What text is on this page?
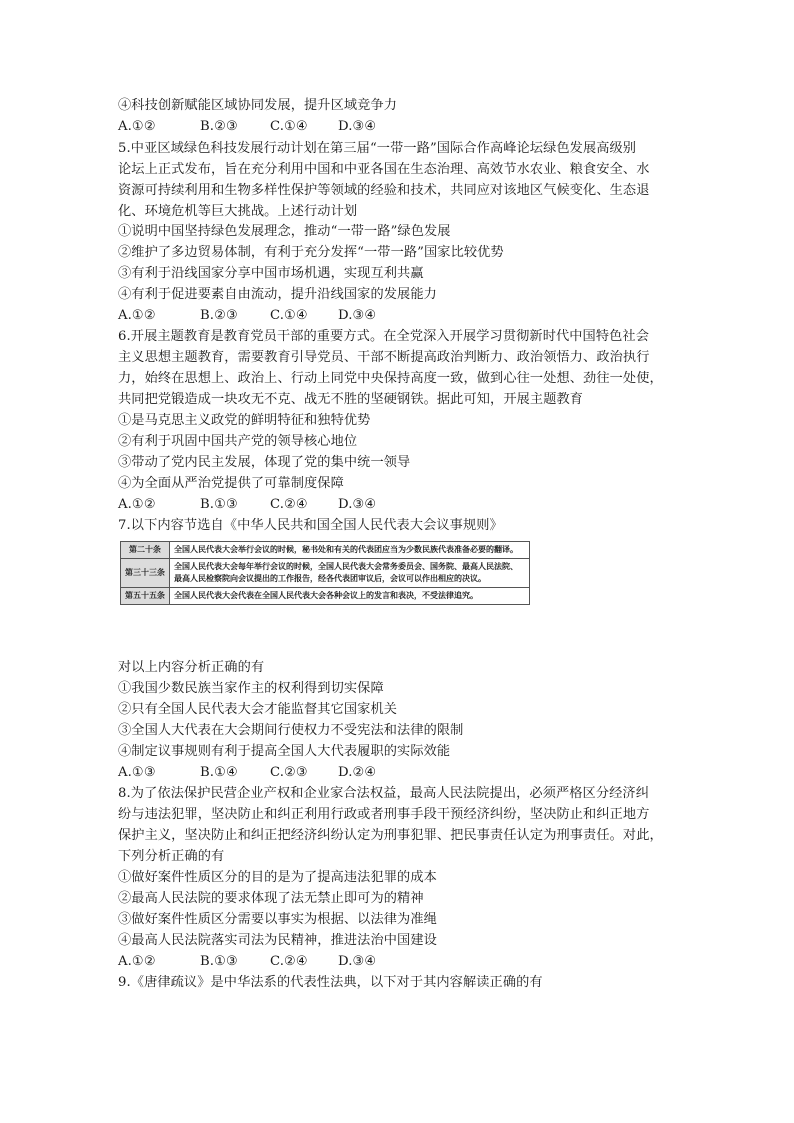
④科技创新赋能区域协同发展，提升区域竞争力
A.①②	B.②③ C.①④ D.③④
5.中亚区域绿色科技发展行动计划在第三届“一带一路”国际合作高峰论坛绿色发展高级别
论坛上正式发布，旨在充分利用中国和中亚各国在生态治理、高效节水农业、粮食安全、水
资源可持续利用和生物多样性保护等领域的经验和技术，共同应对该地区气候变化、生态退
化、环境危机等巨大挑战。上述行动计划
①说明中国坚持绿色发展理念，推动“一带一路”绿色发展
②维护了多边贸易体制，有利于充分发挥“一带一路”国家比较优势
③有利于沿线国家分享中国市场机遇，实现互利共赢
④有利于促进要素自由流动，提升沿线国家的发展能力
A.①②	B.②③ C.①④ D.③④
6.开展主题教育是教育党员干部的重要方式。在全党深入开展学习贯彻新时代中国特色社会
主义思想主题教育，需要教育引导党员、干部不断提高政治判断力、政治领悟力、政治执行
力，始终在思想上、政治上、行动上同党中央保持高度一致，做到心往一处想、劲往一处使，
共同把党锻造成一块攻无不克、战无不胜的坚硬钢铁。据此可知，开展主题教育
①是马克思主义政党的鲜明特征和独特优势
②有利于巩固中国共产党的领导核心地位
③带动了党内民主发展，体现了党的集中统一领导
④为全面从严治党提供了可靠制度保障
A.①②	B.①③ C.②④ D.③④
7.以下内容节选自《中华人民共和国全国人民代表大会议事规则》
第二十条	全国人民代表大会举行会议的时候，秘书处和有关的代表团应当为少数民族代表准备必要的翻译。
第三十三条	全国人民代表大会每年举行会议的时候，全国人民代表大会常务委员会、国务院、最高人民法院、最高人民检察院向会议提出的工作报告，经各代表团审议后，会议可以作出相应的决议。
第五十五条	全国人民代表大会代表在全国人民代表大会各种会议上的发言和表决，不受法律追究。
对以上内容分析正确的有
①我国少数民族当家作主的权利得到切实保障
②只有全国人民代表大会才能监督其它国家机关
③全国人大代表在大会期间行使权力不受宪法和法律的限制
④制定议事规则有利于提高全国人大代表履职的实际效能
A.①③	B.①④ C.②③ D.②④
8.为了依法保护民营企业产权和企业家合法权益，最高人民法院提出，必须严格区分经济纠
纷与违法犯罪，坚决防止和纠正利用行政或者刑事手段干预经济纠纷，坚决防止和纠正地方
保护主义，坚决防止和纠正把经济纠纷认定为刑事犯罪、把民事责任认定为刑事责任。对此，
下列分析正确的有
①做好案件性质区分的目的是为了提高违法犯罪的成本
②最高人民法院的要求体现了法无禁止即可为的精神
③做好案件性质区分需要以事实为根据、以法律为准绳
④最高人民法院落实司法为民精神，推进法治中国建设
A.①②	B.①③ C.②④ D.③④
9.《唐律疏议》是中华法系的代表性法典，以下对于其内容解读正确的有
